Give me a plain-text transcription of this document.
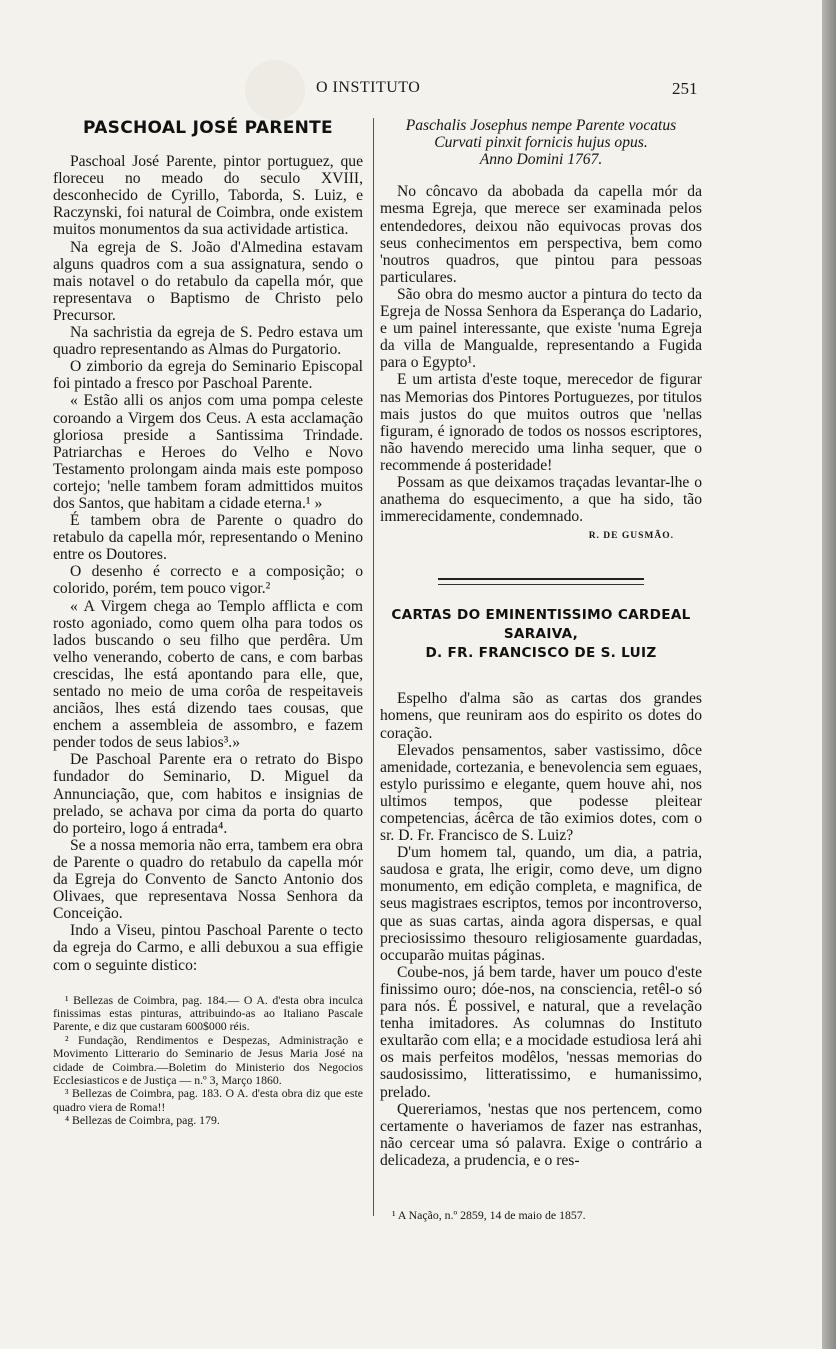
O INSTITUTO	251
PASCHOAL JOSÉ PARENTE

Paschoal José Parente, pintor portuguez, que floreceu no meado do seculo XVIII, desconhecido de Cyrillo, Taborda, S. Luiz, e Raczynski, foi natural de Coimbra, onde existem muitos monumentos da sua actividade artistica.

Na egreja de S. João d'Almedina estavam alguns quadros com a sua assignatura, sendo o mais notavel o do retabulo da capella mór, que representava o Baptismo de Christo pelo Precursor.

Na sachristia da egreja de S. Pedro estava um quadro representando as Almas do Purgatorio.

O zimborio da egreja do Seminario Episcopal foi pintado a fresco por Paschoal Parente.

« Estão alli os anjos com uma pompa celeste coroando a Virgem dos Ceus. A esta acclamação gloriosa preside a Santissima Trindade. Patriarchas e Heroes do Velho e Novo Testamento prolongam ainda mais este pomposo cortejo; 'nelle tambem foram admittidos muitos dos Santos, que habitam a cidade eterna.¹ »

É tambem obra de Parente o quadro do retabulo da capella mór, representando o Menino entre os Doutores.

O desenho é correcto e a composição; o colorido, porém, tem pouco vigor.²

« A Virgem chega ao Templo afflicta e com rosto agoniado, como quem olha para todos os lados buscando o seu filho que perdêra. Um velho venerando, coberto de cans, e com barbas crescidas, lhe está apontando para elle, que, sentado no meio de uma corôa de respeitaveis anciãos, lhes está dizendo taes cousas, que enchem a assembleia de assombro, e fazem pender todos de seus labios³.»

De Paschoal Parente era o retrato do Bispo fundador do Seminario, D. Miguel da Annunciação, que, com habitos e insignias de prelado, se achava por cima da porta do quarto do porteiro, logo á entrada⁴.

Se a nossa memoria não erra, tambem era obra de Parente o quadro do retabulo da capella mór da Egreja do Convento de Sancto Antonio dos Olivaes, que representava Nossa Senhora da Conceição.

Indo a Viseu, pintou Paschoal Parente o tecto da egreja do Carmo, e alli debuxou a sua effigie com o seguinte distico:

¹ Bellezas de Coimbra, pag. 184.— O A. d'esta obra inculca finissimas estas pinturas, attribuindo-as ao Italiano Pascale Parente, e diz que custaram 600$000 réis.

² Fundação, Rendimentos e Despezas, Administração e Movimento Litterario do Seminario de Jesus Maria José na cidade de Coimbra.—Boletim do Ministerio dos Negocios Ecclesiasticos e de Justiça — n.º 3, Março 1860.

³ Bellezas de Coimbra, pag. 183. O A. d'esta obra diz que este quadro viera de Roma!!

⁴ Bellezas de Coimbra, pag. 179.

Paschalis Josephus nempe Parente vocatus
Curvati pinxit fornicis hujus opus.
Anno Domini 1767.

No côncavo da abobada da capella mór da mesma Egreja, que merece ser examinada pelos entendedores, deixou não equivocas provas dos seus conhecimentos em perspectiva, bem como 'noutros quadros, que pintou para pessoas particulares.

São obra do mesmo auctor a pintura do tecto da Egreja de Nossa Senhora da Esperança do Ladario, e um painel interessante, que existe 'numa Egreja da villa de Mangualde, representando a Fugida para o Egypto¹.

E um artista d'este toque, merecedor de figurar nas Memorias dos Pintores Portuguezes, por titulos mais justos do que muitos outros que 'nellas figuram, é ignorado de todos os nossos escriptores, não havendo merecido uma linha sequer, que o recommende á posteridade!

Possam as que deixamos traçadas levantar-lhe o anathema do esquecimento, a que ha sido, tão immerecidamente, condemnado.

R. DE GUSMÃO.
CARTAS DO EMINENTISSIMO CARDEAL SARAIVA,
D. FR. FRANCISCO DE S. LUIZ

Espelho d'alma são as cartas dos grandes homens, que reuniram aos do espirito os dotes do coração.

Elevados pensamentos, saber vastissimo, dôce amenidade, cortezania, e benevolencia sem eguaes, estylo purissimo e elegante, quem houve ahi, nos ultimos tempos, que podesse pleitear competencias, ácêrca de tão eximios dotes, com o sr. D. Fr. Francisco de S. Luiz?

D'um homem tal, quando, um dia, a patria, saudosa e grata, lhe erigir, como deve, um digno monumento, em edição completa, e magnifica, de seus magistraes escriptos, temos por incontroverso, que as suas cartas, ainda agora dispersas, e qual preciosissimo thesouro religiosamente guardadas, occuparão muitas páginas.

Coube-nos, já bem tarde, haver um pouco d'este finissimo ouro; dóe-nos, na consciencia, retêl-o só para nós. É possivel, e natural, que a revelação tenha imitadores. As columnas do Instituto exultarão com ella; e a mocidade estudiosa lerá ahi os mais perfeitos modêlos, 'nessas memorias do saudosissimo, litteratissimo, e humanissimo, prelado.

Quereriamos, 'nestas que nos pertencem, como certamente o haveriamos de fazer nas estranhas, não cercear uma só palavra. Exige o contrário a delicadeza, a prudencia, e o res-

¹ A Nação, n.º 2859, 14 de maio de 1857.
